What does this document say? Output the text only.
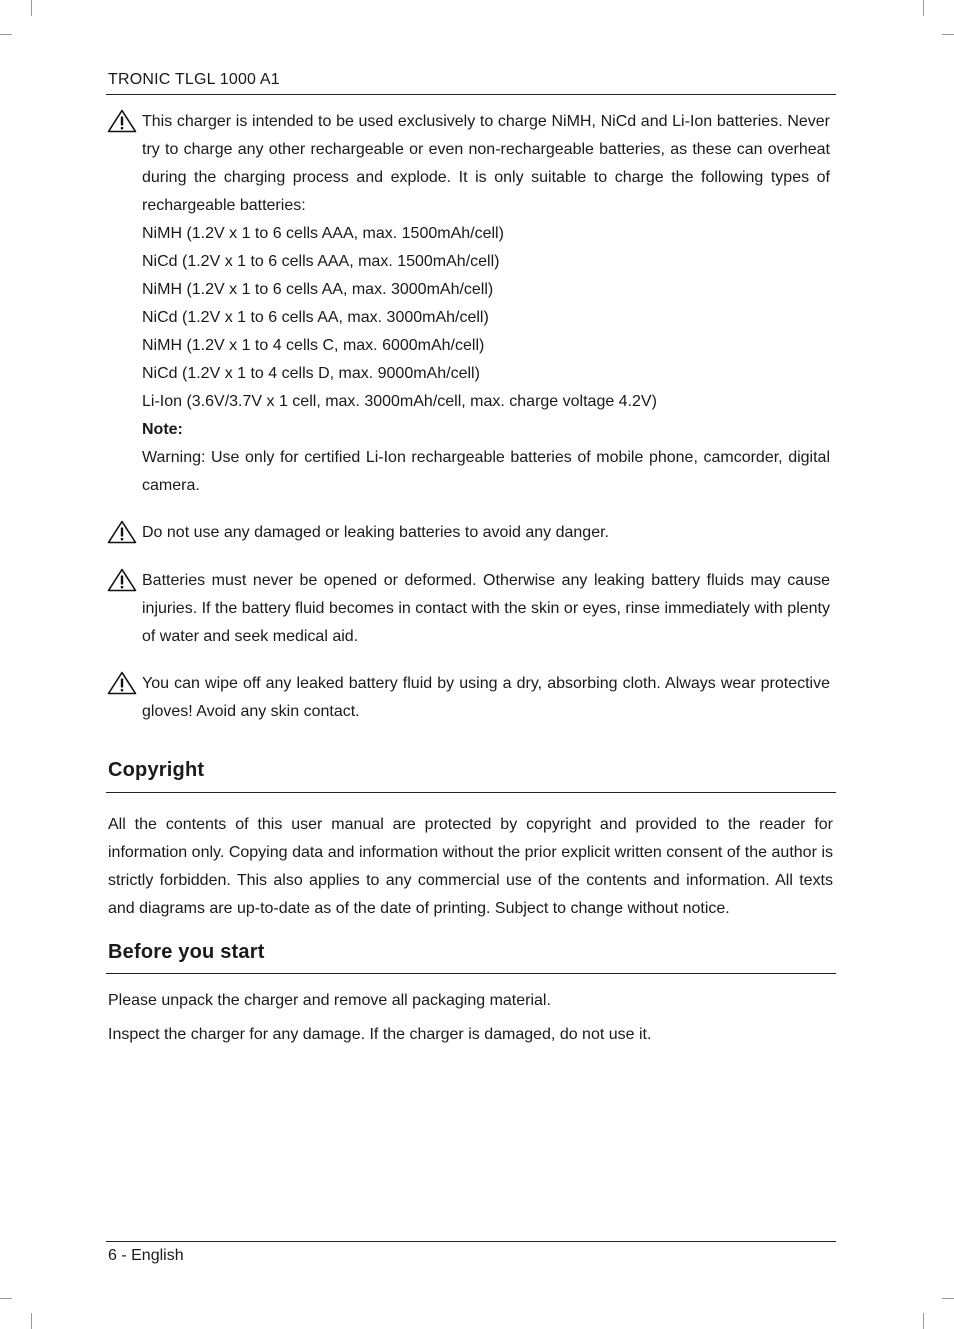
TRONIC TLGL 1000 A1

This charger is intended to be used exclusively to charge NiMH, NiCd and Li-Ion batteries. Never try to charge any other rechargeable or even non-rechargeable batteries, as these can overheat during the charging process and explode. It is only suitable to charge the following types of rechargeable batteries:

NiMH (1.2V x 1 to 6 cells AAA, max. 1500mAh/cell)
NiCd (1.2V x 1 to 6 cells AAA, max. 1500mAh/cell)
NiMH (1.2V x 1 to 6 cells AA, max. 3000mAh/cell)
NiCd (1.2V x 1 to 6 cells AA, max. 3000mAh/cell)
NiMH (1.2V x 1 to 4 cells C, max. 6000mAh/cell)
NiCd (1.2V x 1 to 4 cells D, max. 9000mAh/cell)
Li-Ion (3.6V/3.7V x 1 cell, max. 3000mAh/cell, max. charge voltage 4.2V)

Note:

Warning: Use only for certified Li-Ion rechargeable batteries of mobile phone, camcorder, digital camera.

Do not use any damaged or leaking batteries to avoid any danger.

Batteries must never be opened or deformed. Otherwise any leaking battery fluids may cause injuries. If the battery fluid becomes in contact with the skin or eyes, rinse immediately with plenty of water and seek medical aid.

You can wipe off any leaked battery fluid by using a dry, absorbing cloth. Always wear protective gloves! Avoid any skin contact.

Copyright

All the contents of this user manual are protected by copyright and provided to the reader for information only. Copying data and information without the prior explicit written consent of the author is strictly forbidden. This also applies to any commercial use of the contents and information. All texts and diagrams are up-to-date as of the date of printing. Subject to change without notice.

Before you start

Please unpack the charger and remove all packaging material.

Inspect the charger for any damage. If the charger is damaged, do not use it.

6 - English
